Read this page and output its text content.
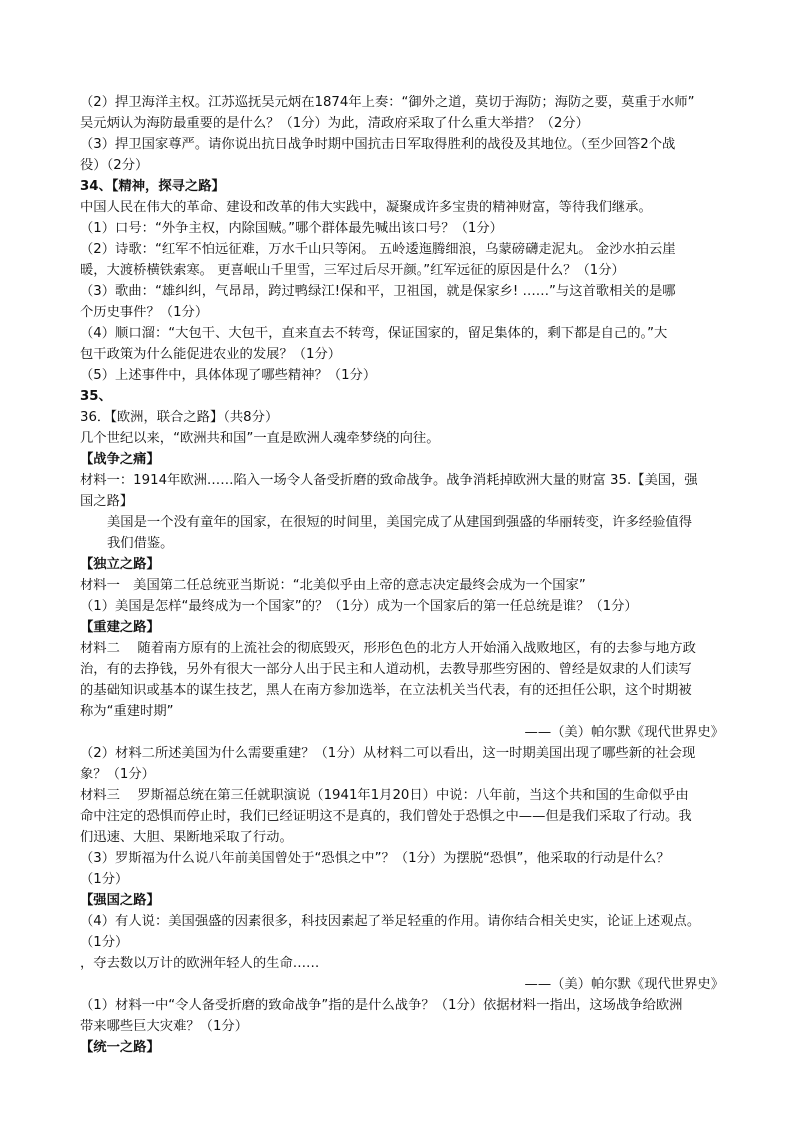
（2）捍卫海洋主权。江苏巡抚吴元炳在1874年上奏：“御外之道，莫切于海防；海防之要，莫重于水师”
吴元炳认为海防最重要的是什么？（1分）为此，清政府采取了什么重大举措？（2分）
（3）捍卫国家尊严。请你说出抗日战争时期中国抗击日军取得胜利的战役及其地位。（至少回答2个战
役）（2分）
34、【精神，探寻之路】
中国人民在伟大的革命、建设和改革的伟大实践中，凝聚成许多宝贵的精神财富，等待我们继承。
（1）口号：“外争主权，内除国贼。”哪个群体最先喊出该口号？（1分）
（2）诗歌：“红军不怕远征难，万水千山只等闲。 五岭逶迤腾细浪，乌蒙磅礴走泥丸。 金沙水拍云崖
暖，大渡桥横铁索寒。 更喜岷山千里雪，三军过后尽开颜。”红军远征的原因是什么？（1分）
（3）歌曲：“雄纠纠，气昂昂，跨过鸭绿江!保和平，卫祖国，就是保家乡! ……”与这首歌相关的是哪
个历史事件？（1分）
（4）顺口溜：“大包干、大包干，直来直去不转弯，保证国家的，留足集体的，剩下都是自己的。”大
包干政策为什么能促进农业的发展？（1分）
（5）上述事件中，具体体现了哪些精神？（1分）
35、
36．【欧洲，联合之路】（共8分）
几个世纪以来，“欧洲共和国”一直是欧洲人魂牵梦绕的向往。
【战争之痛】
材料一：1914年欧洲……陷入一场令人备受折磨的致命战争。战争消耗掉欧洲大量的财富 35.【美国，强
国之路】
美国是一个没有童年的国家，在很短的时间里，美国完成了从建国到强盛的华丽转变，许多经验值得
我们借鉴。
【独立之路】
材料一　美国第二任总统亚当斯说：“北美似乎由上帝的意志决定最终会成为一个国家”
（1）美国是怎样“最终成为一个国家”的？（1分）成为一个国家后的第一任总统是谁？（1分）
【重建之路】
材料二　 随着南方原有的上流社会的彻底毁灭，形形色色的北方人开始涌入战败地区，有的去参与地方政
治，有的去挣钱，另外有很大一部分人出于民主和人道动机，去教导那些穷困的、曾经是奴隶的人们读写
的基础知识或基本的谋生技艺，黑人在南方参加选举，在立法机关当代表，有的还担任公职，这个时期被
称为“重建时期”
——（美）帕尔默《现代世界史》
（2）材料二所述美国为什么需要重建？（1分）从材料二可以看出，这一时期美国出现了哪些新的社会现
象？（1分）
材料三　 罗斯福总统在第三任就职演说（1941年1月20日）中说：八年前，当这个共和国的生命似乎由
命中注定的恐惧而停止时，我们已经证明这不是真的，我们曾处于恐惧之中——但是我们采取了行动。我
们迅速、大胆、果断地采取了行动。
（3）罗斯福为什么说八年前美国曾处于“恐惧之中”？（1分）为摆脱“恐惧”，他采取的行动是什么？
（1分）
【强国之路】
（4）有人说：美国强盛的因素很多，科技因素起了举足轻重的作用。请你结合相关史实，论证上述观点。
（1分）
，夺去数以万计的欧洲年轻人的生命……
——（美）帕尔默《现代世界史》
（1）材料一中“令人备受折磨的致命战争”指的是什么战争？（1分）依据材料一指出，这场战争给欧洲
带来哪些巨大灾难？（1分）
【统一之路】
